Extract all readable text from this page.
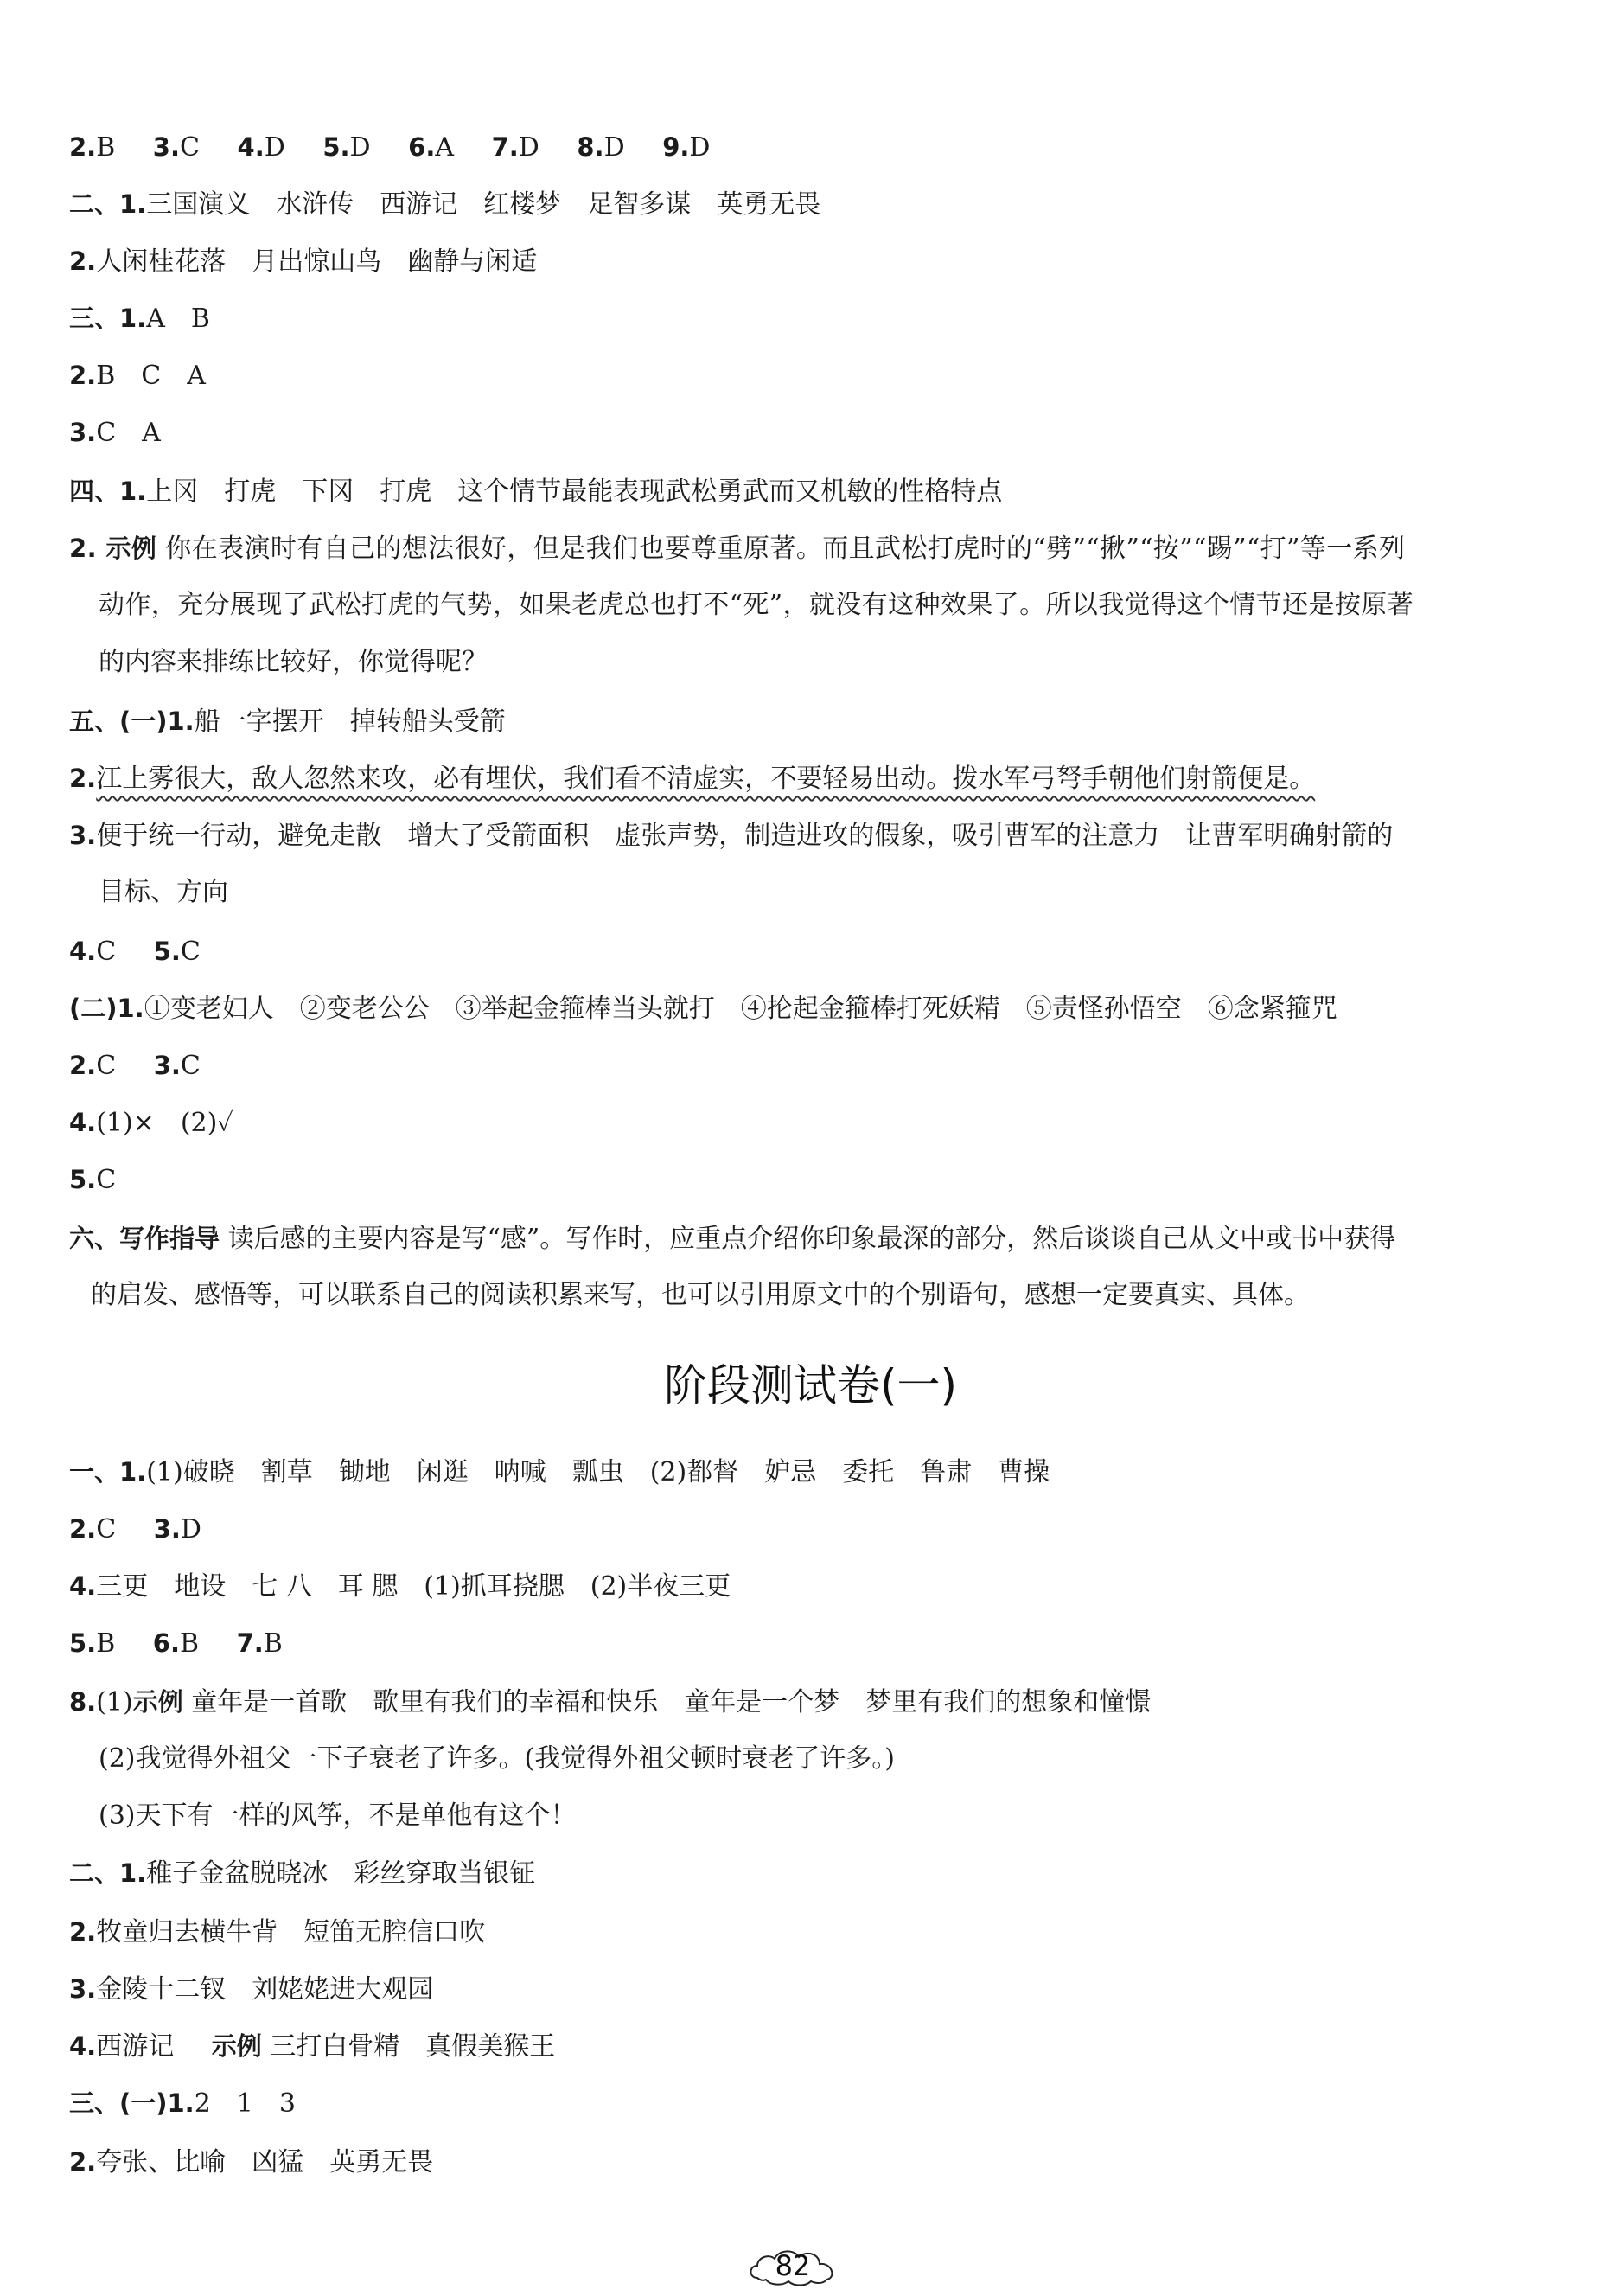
2.B 3.C 4.D 5.D 6.A 7.D 8.D 9.D
二、1.三国演义　水浒传　西游记　红楼梦　足智多谋　英勇无畏
2.人闲桂花落　月出惊山鸟　幽静与闲适
三、1.A　B
2.B　C　A
3.C　A
四、1.上冈　打虎　下冈　打虎　这个情节最能表现武松勇武而又机敏的性格特点
2. 示例 你在表演时有自己的想法很好，但是我们也要尊重原著。而且武松打虎时的“劈”“揪”“按”“踢”“打”等一系列
动作，充分展现了武松打虎的气势，如果老虎总也打不“死”，就没有这种效果了。所以我觉得这个情节还是按原著
的内容来排练比较好，你觉得呢？
五、(一)1.船一字摆开　掉转船头受箭
2.江上雾很大，敌人忽然来攻，必有埋伏，我们看不清虚实，不要轻易出动。拨水军弓弩手朝他们射箭便是。
3.便于统一行动，避免走散　增大了受箭面积　虚张声势，制造进攻的假象，吸引曹军的注意力　让曹军明确射箭的
目标、方向
4.C 5.C
(二)1.①变老妇人　②变老公公　③举起金箍棒当头就打　④抡起金箍棒打死妖精　⑤责怪孙悟空　⑥念紧箍咒
2.C 3.C
4.(1)×　(2)✓
5.C
六、写作指导 读后感的主要内容是写“感”。写作时，应重点介绍你印象最深的部分，然后谈谈自己从文中或书中获得
的启发、感悟等，可以联系自己的阅读积累来写，也可以引用原文中的个别语句，感想一定要真实、具体。
阶段测试卷(一)
一、1.(1)破晓　割草　锄地　闲逛　呐喊　瓢虫　(2)都督　妒忌　委托　鲁肃　曹操
2.C 3.D
4.三更　地设　七 八　耳 腮　(1)抓耳挠腮　(2)半夜三更
5.B 6.B 7.B
8.(1)示例 童年是一首歌　歌里有我们的幸福和快乐　童年是一个梦　梦里有我们的想象和憧憬
(2)我觉得外祖父一下子衰老了许多。(我觉得外祖父顿时衰老了许多。)
(3)天下有一样的风筝，不是单他有这个！
二、1.稚子金盆脱晓冰　彩丝穿取当银钲
2.牧童归去横牛背　短笛无腔信口吹
3.金陵十二钗　刘姥姥进大观园
4.西游记 示例 三打白骨精　真假美猴王
三、(一)1.2　1　3
2.夸张、比喻　凶猛　英勇无畏
82
